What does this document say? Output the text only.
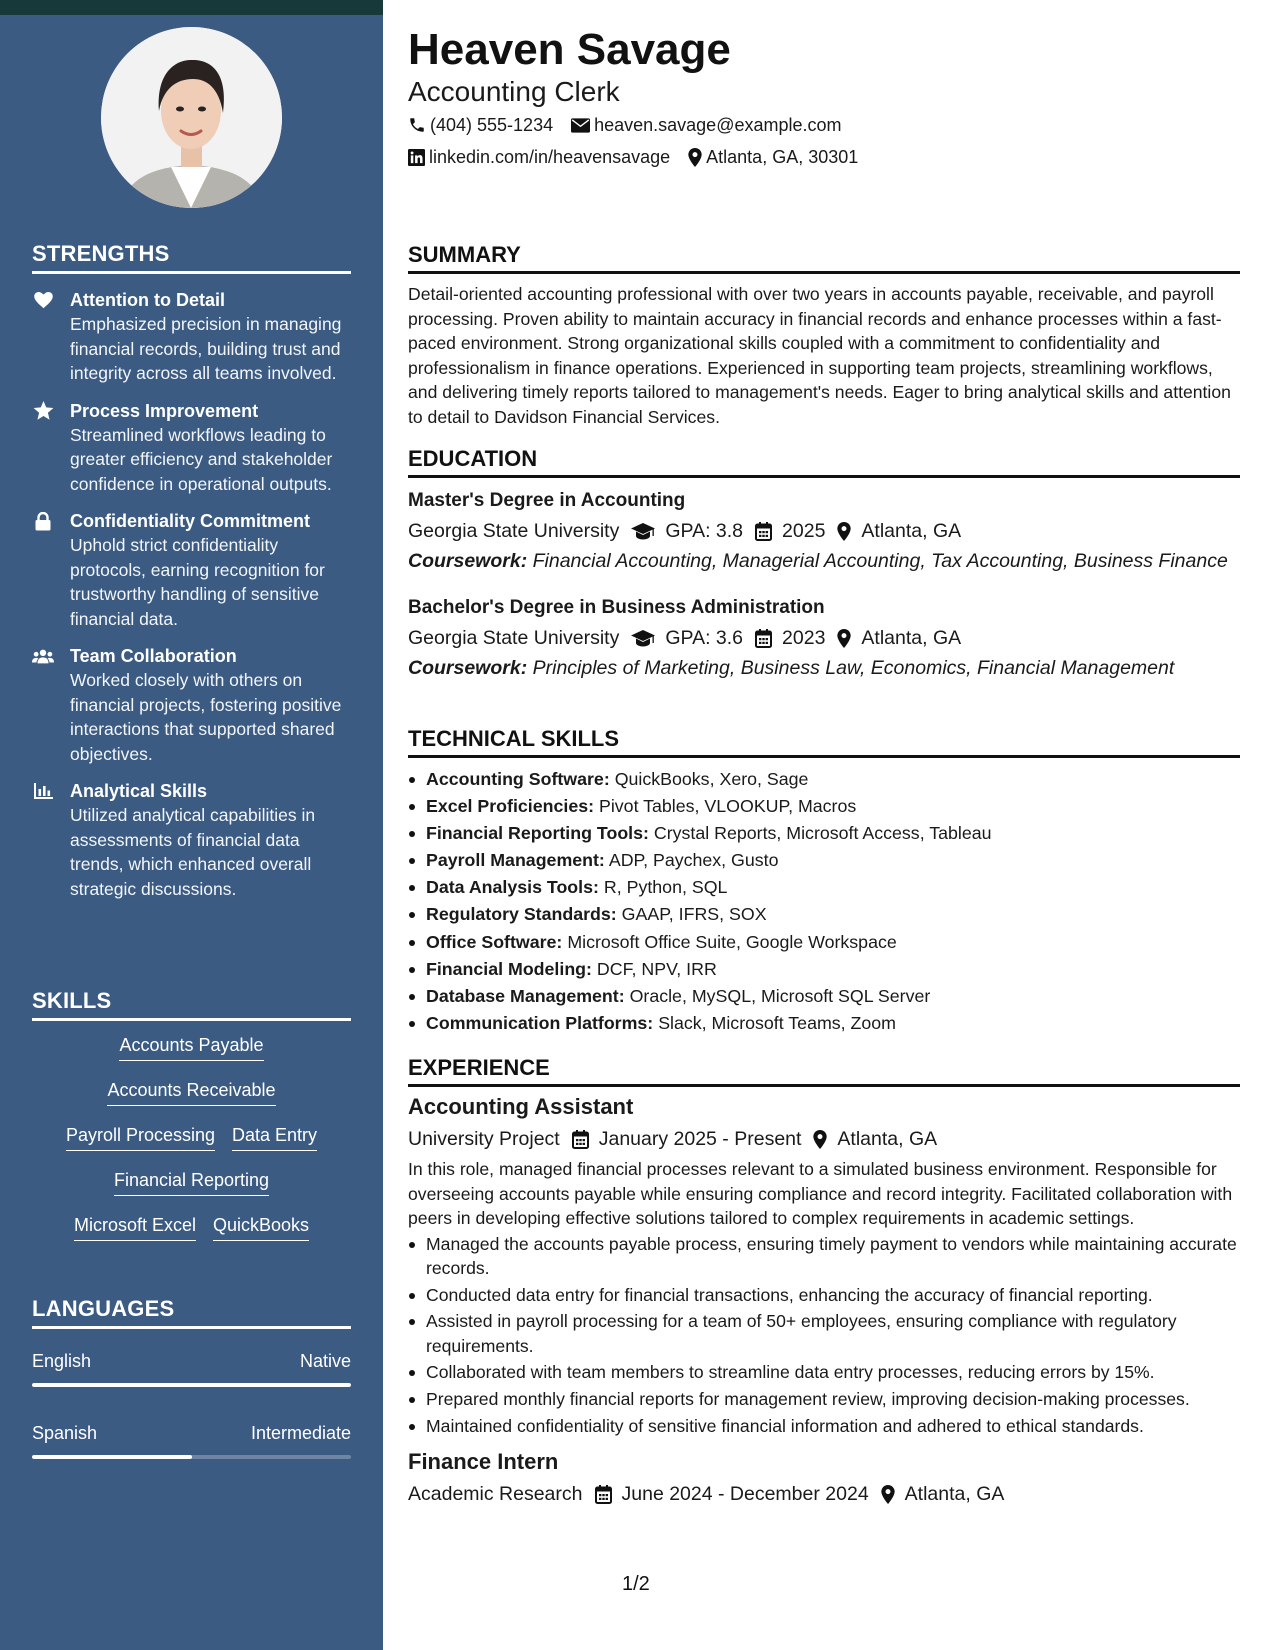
STRENGTHS
Attention to Detail
Emphasized precision in managing financial records, building trust and integrity across all teams involved.
Process Improvement
Streamlined workflows leading to greater efficiency and stakeholder confidence in operational outputs.
Confidentiality Commitment
Uphold strict confidentiality protocols, earning recognition for trustworthy handling of sensitive financial data.
Team Collaboration
Worked closely with others on financial projects, fostering positive interactions that supported shared objectives.
Analytical Skills
Utilized analytical capabilities in assessments of financial data trends, which enhanced overall strategic discussions.
SKILLS
Accounts Payable
Accounts Receivable
Payroll Processing Data Entry
Financial Reporting
Microsoft Excel QuickBooks
LANGUAGES
English	Native
Spanish	Intermediate
Heaven Savage
Accounting Clerk
(404) 555-1234 heaven.savage@example.com
linkedin.com/in/heavensavage Atlanta, GA, 30301
SUMMARY

Detail-oriented accounting professional with over two years in accounts payable, receivable, and payroll processing. Proven ability to maintain accuracy in financial records and enhance processes within a fast-paced environment. Strong organizational skills coupled with a commitment to confidentiality and professionalism in finance operations. Experienced in supporting team projects, streamlining workflows, and delivering timely reports tailored to management's needs. Eager to bring analytical skills and attention to detail to Davidson Financial Services.

EDUCATION
Master's Degree in Accounting
Georgia State University GPA: 3.8 2025 Atlanta, GA
Coursework: Financial Accounting, Managerial Accounting, Tax Accounting, Business Finance
Bachelor's Degree in Business Administration
Georgia State University GPA: 3.6 2023 Atlanta, GA
Coursework: Principles of Marketing, Business Law, Economics, Financial Management
TECHNICAL SKILLS
Accounting Software: QuickBooks, Xero, Sage
Excel Proficiencies: Pivot Tables, VLOOKUP, Macros
Financial Reporting Tools: Crystal Reports, Microsoft Access, Tableau
Payroll Management: ADP, Paychex, Gusto
Data Analysis Tools: R, Python, SQL
Regulatory Standards: GAAP, IFRS, SOX
Office Software: Microsoft Office Suite, Google Workspace
Financial Modeling: DCF, NPV, IRR
Database Management: Oracle, MySQL, Microsoft SQL Server
Communication Platforms: Slack, Microsoft Teams, Zoom
EXPERIENCE
Accounting Assistant
University Project January 2025 - Present Atlanta, GA

In this role, managed financial processes relevant to a simulated business environment. Responsible for overseeing accounts payable while ensuring compliance and record integrity. Facilitated collaboration with peers in developing effective solutions tailored to complex requirements in academic settings.

Managed the accounts payable process, ensuring timely payment to vendors while maintaining accurate records.
Conducted data entry for financial transactions, enhancing the accuracy of financial reporting.
Assisted in payroll processing for a team of 50+ employees, ensuring compliance with regulatory requirements.
Collaborated with team members to streamline data entry processes, reducing errors by 15%.
Prepared monthly financial reports for management review, improving decision-making processes.
Maintained confidentiality of sensitive financial information and adhered to ethical standards.
Finance Intern
Academic Research June 2024 - December 2024 Atlanta, GA
1/2
